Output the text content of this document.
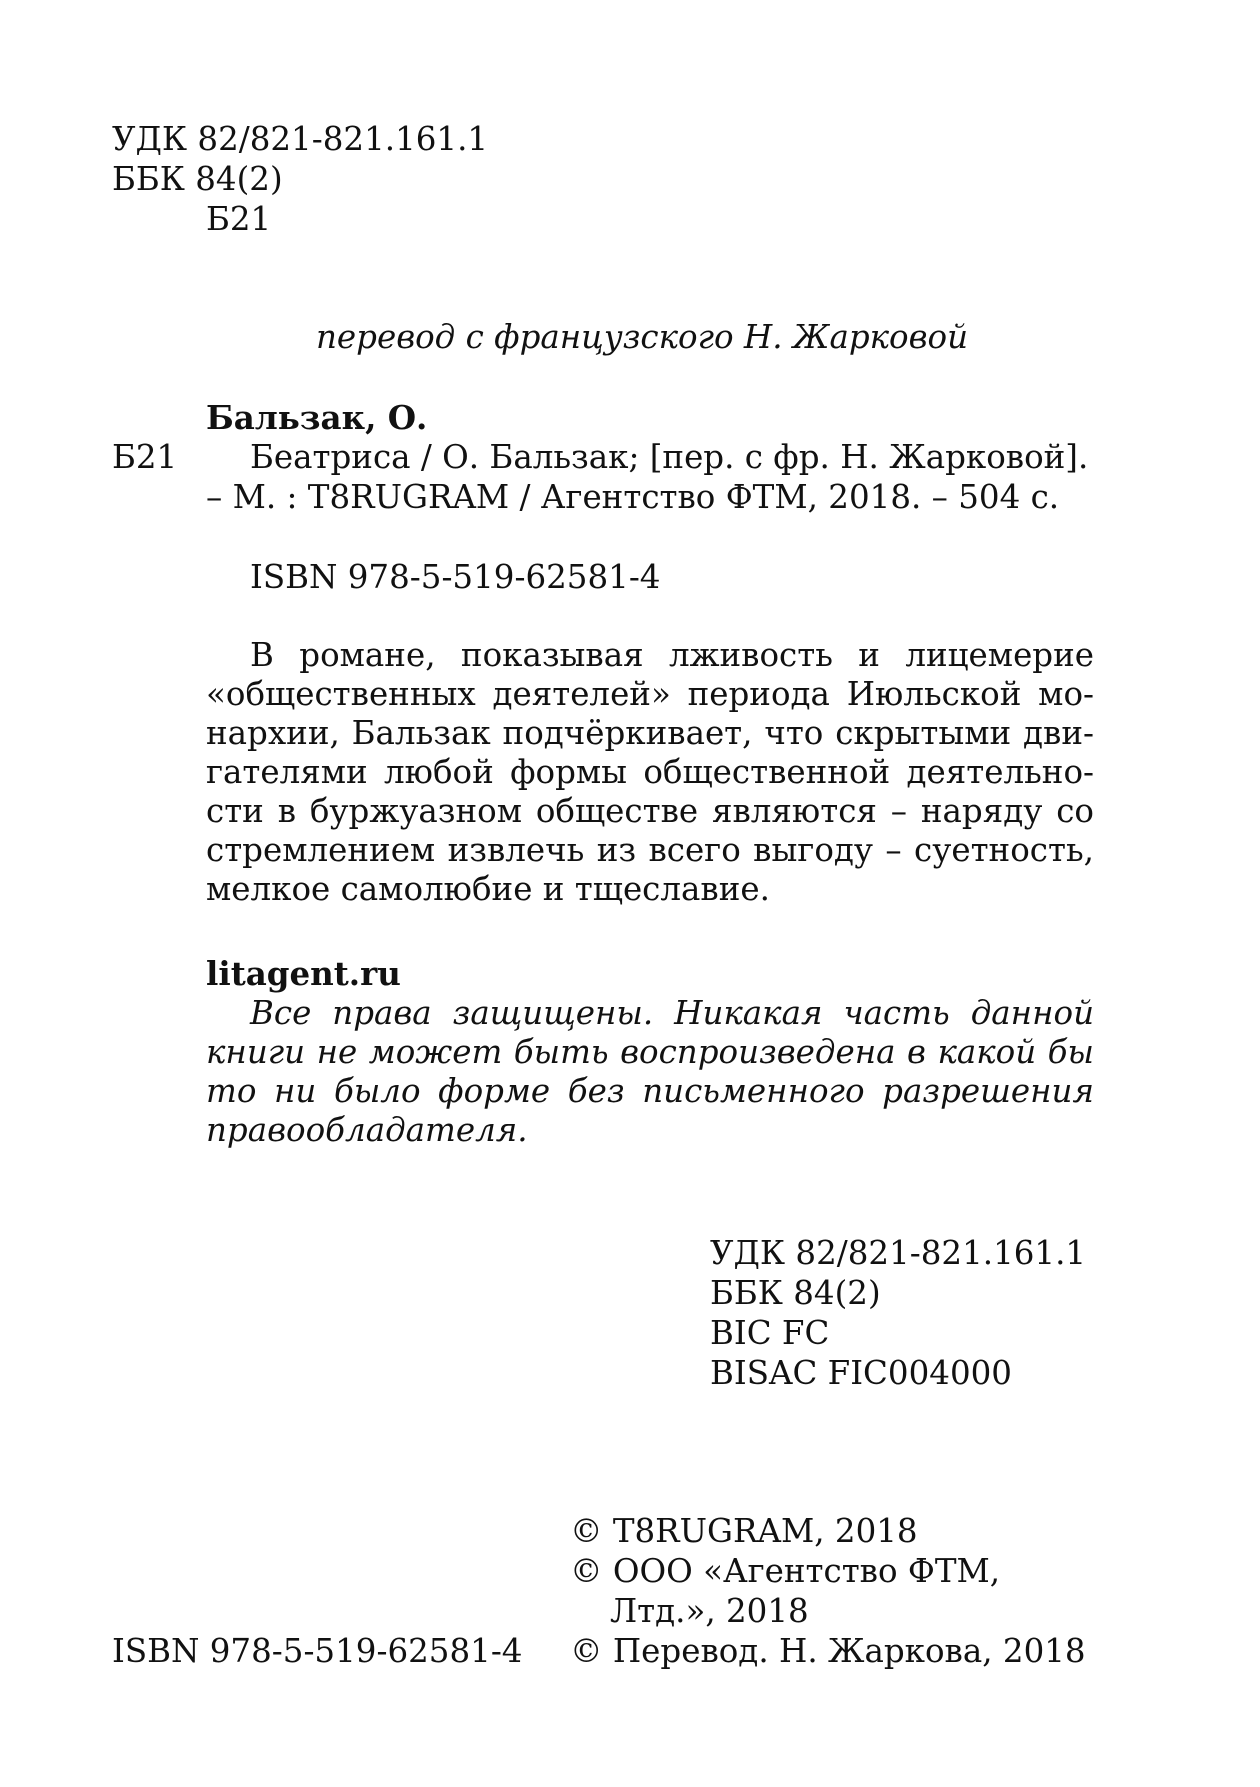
УДК 82/821-821.161.1
ББК 84(2)
Б21
перевод с французского Н. Жарковой
Бальзак, О.
Б21 Беатриса / О. Бальзак; [пер. с фр. Н. Жарковой].
– М. : T8RUGRAM / Агентство ФТМ, 2018. – 504 с.
ISBN 978-5-519-62581-4
В романе, показывая лживость и лицемерие
«общественных деятелей» периода Июльской мо-
нархии, Бальзак подчёркивает, что скрытыми дви-
гателями любой формы общественной деятельно-
сти в буржуазном обществе являются – наряду со
стремлением извлечь из всего выгоду – суетность,
мелкое самолюбие и тщеславие.
litagent.ru
Все права защищены. Никакая часть данной
книги не может быть воспроизведена в какой бы
то ни было форме без письменного разрешения
правообладателя.
УДК 82/821-821.161.1
ББК 84(2)
BIC FC
BISAC FIC004000
© T8RUGRAM, 2018
© ООО «Агентство ФТМ,
Лтд.», 2018
ISBN 978-5-519-62581-4 © Перевод. Н. Жаркова, 2018
